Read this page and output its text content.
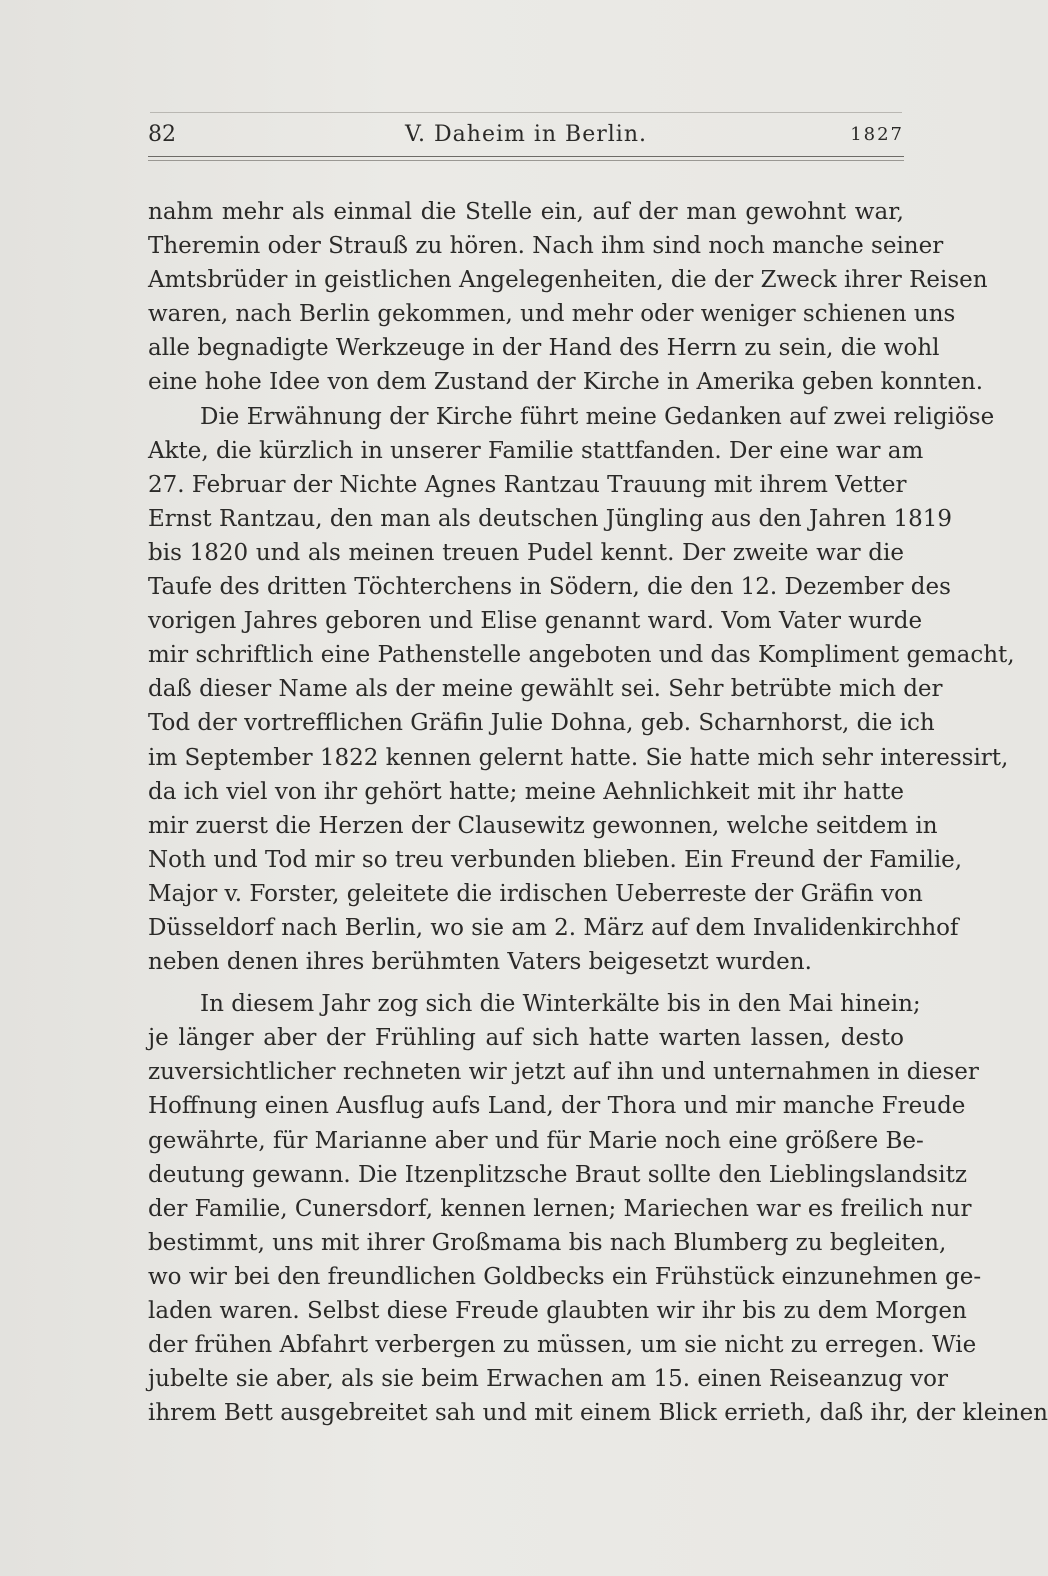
82	V. Daheim in Berlin.	1827
nahm mehr als einmal die Stelle ein, auf der man gewohnt war,
Theremin oder Strauß zu hören. Nach ihm sind noch manche seiner
Amtsbrüder in geistlichen Angelegenheiten, die der Zweck ihrer Reisen
waren, nach Berlin gekommen, und mehr oder weniger schienen uns
alle begnadigte Werkzeuge in der Hand des Herrn zu sein, die wohl
eine hohe Idee von dem Zustand der Kirche in Amerika geben konnten.
Die Erwähnung der Kirche führt meine Gedanken auf zwei religiöse
Akte, die kürzlich in unserer Familie stattfanden. Der eine war am
27. Februar der Nichte Agnes Rantzau Trauung mit ihrem Vetter
Ernst Rantzau, den man als deutschen Jüngling aus den Jahren 1819
bis 1820 und als meinen treuen Pudel kennt. Der zweite war die
Taufe des dritten Töchterchens in Södern, die den 12. Dezember des
vorigen Jahres geboren und Elise genannt ward. Vom Vater wurde
mir schriftlich eine Pathenstelle angeboten und das Kompliment gemacht,
daß dieser Name als der meine gewählt sei. Sehr betrübte mich der
Tod der vortrefflichen Gräfin Julie Dohna, geb. Scharnhorst, die ich
im September 1822 kennen gelernt hatte. Sie hatte mich sehr interessirt,
da ich viel von ihr gehört hatte; meine Aehnlichkeit mit ihr hatte
mir zuerst die Herzen der Clausewitz gewonnen, welche seitdem in
Noth und Tod mir so treu verbunden blieben. Ein Freund der Familie,
Major v. Forster, geleitete die irdischen Ueberreste der Gräfin von
Düsseldorf nach Berlin, wo sie am 2. März auf dem Invalidenkirchhof
neben denen ihres berühmten Vaters beigesetzt wurden.
In diesem Jahr zog sich die Winterkälte bis in den Mai hinein;
je länger aber der Frühling auf sich hatte warten lassen, desto
zuversichtlicher rechneten wir jetzt auf ihn und unternahmen in dieser
Hoffnung einen Ausflug aufs Land, der Thora und mir manche Freude
gewährte, für Marianne aber und für Marie noch eine größere Be-
deutung gewann. Die Itzenplitzsche Braut sollte den Lieblingslandsitz
der Familie, Cunersdorf, kennen lernen; Mariechen war es freilich nur
bestimmt, uns mit ihrer Großmama bis nach Blumberg zu begleiten,
wo wir bei den freundlichen Goldbecks ein Frühstück einzunehmen ge-
laden waren. Selbst diese Freude glaubten wir ihr bis zu dem Morgen
der frühen Abfahrt verbergen zu müssen, um sie nicht zu erregen. Wie
jubelte sie aber, als sie beim Erwachen am 15. einen Reiseanzug vor
ihrem Bett ausgebreitet sah und mit einem Blick errieth, daß ihr, der kleinen
